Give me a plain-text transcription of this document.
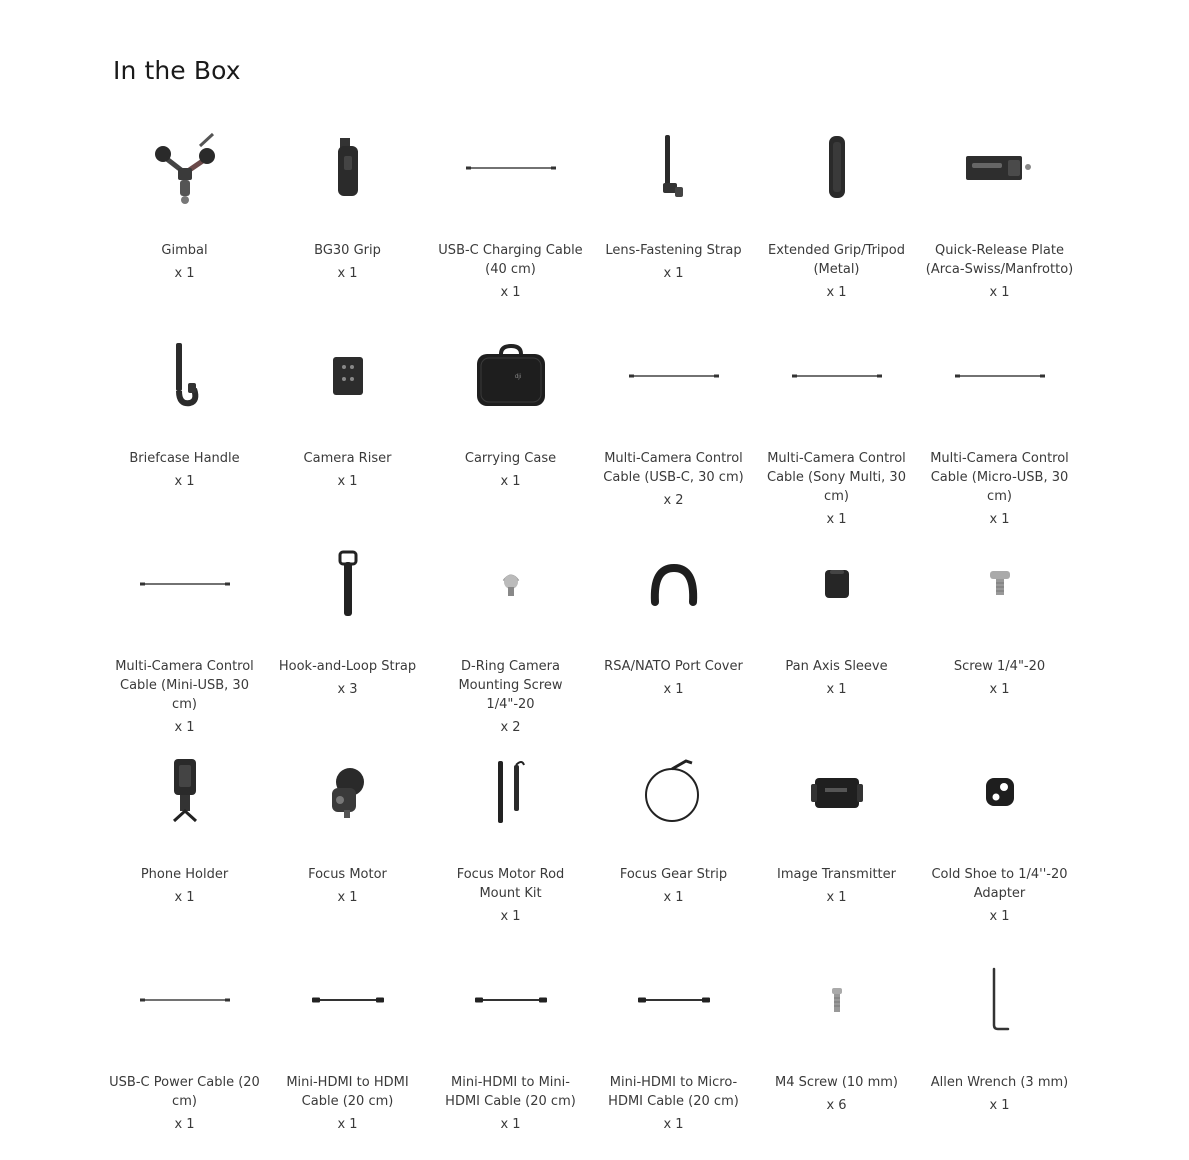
In the Box
Gimbal
x 1
BG30 Grip
x 1
USB-C Charging Cable (40 cm)
x 1
Lens-Fastening Strap
x 1
Extended Grip/Tripod (Metal)
x 1
Quick-Release Plate (Arca-Swiss/Manfrotto)
x 1
Briefcase Handle
x 1
Camera Riser
x 1
dji
Carrying Case
x 1
Multi-Camera Control Cable (USB-C, 30 cm)
x 2
Multi-Camera Control Cable (Sony Multi, 30 cm)
x 1
Multi-Camera Control Cable (Micro-USB, 30 cm)
x 1
Multi-Camera Control Cable (Mini-USB, 30 cm)
x 1
Hook-and-Loop Strap
x 3
D-Ring Camera Mounting Screw 1/4"-20
x 2
RSA/NATO Port Cover
x 1
Pan Axis Sleeve
x 1
Screw 1/4"-20
x 1
Phone Holder
x 1
Focus Motor
x 1
Focus Motor Rod Mount Kit
x 1
Focus Gear Strip
x 1
Image Transmitter
x 1
Cold Shoe to 1/4''-20 Adapter
x 1
USB-C Power Cable (20 cm)
x 1
Mini-HDMI to HDMI Cable (20 cm)
x 1
Mini-HDMI to Mini-HDMI Cable (20 cm)
x 1
Mini-HDMI to Micro-HDMI Cable (20 cm)
x 1
M4 Screw (10 mm)
x 6
Allen Wrench (3 mm)
x 1
